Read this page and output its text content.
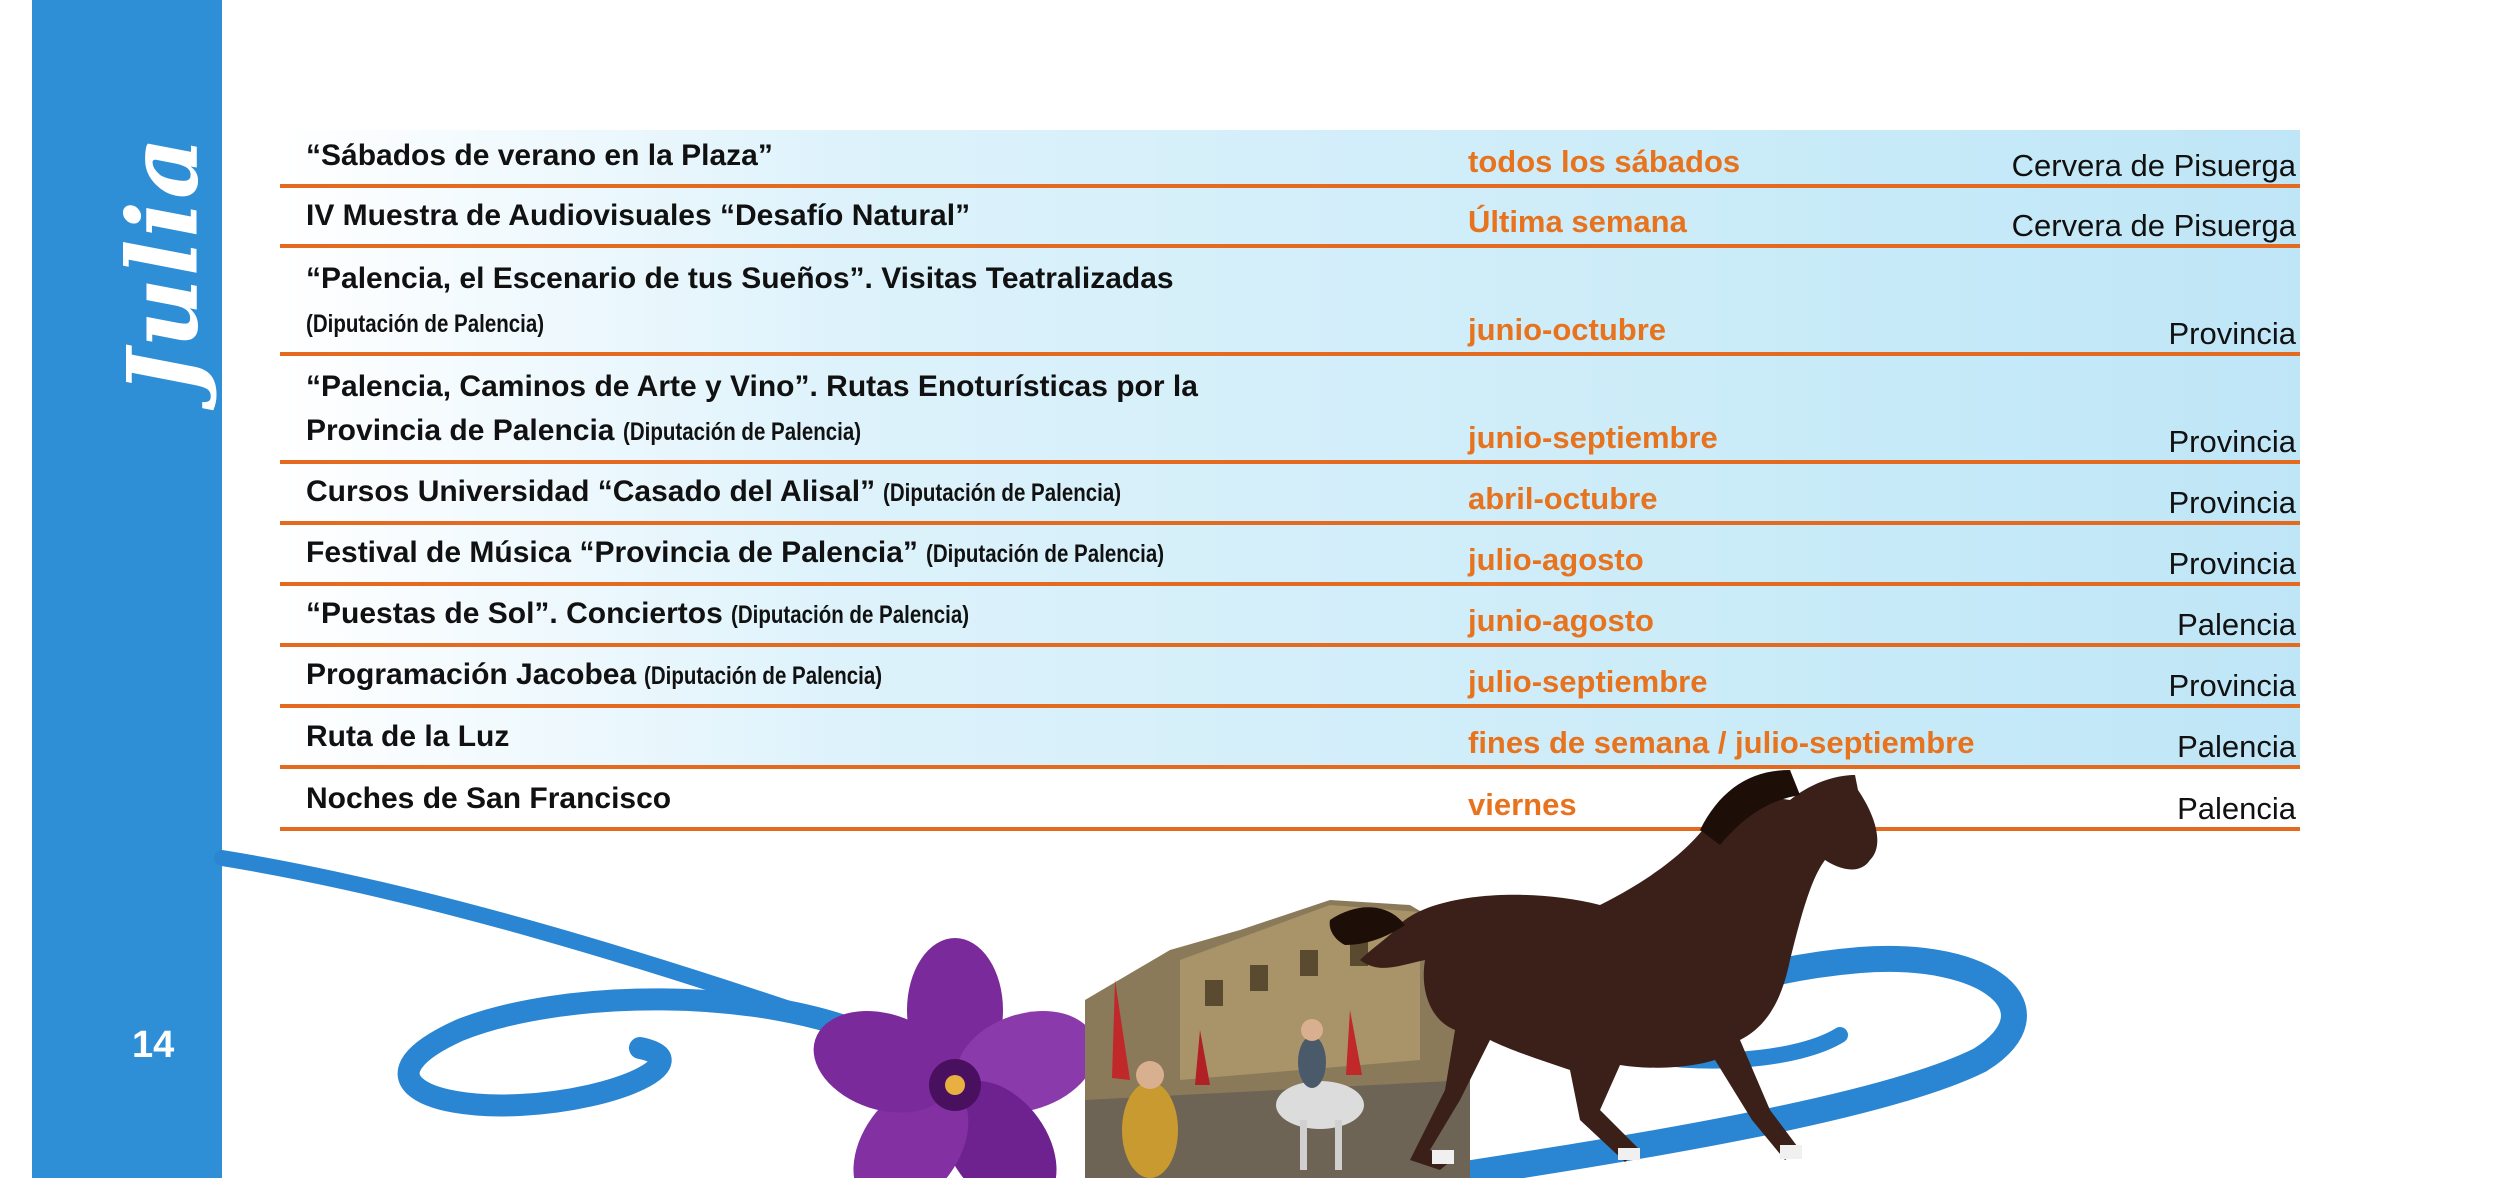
Julia
14
“Sábados de verano en la Plaza”	todos los sábados	Cervera de Pisuerga
IV Muestra de Audiovisuales “Desafío Natural”	Última semana	Cervera de Pisuerga
“Palencia, el Escenario de tus Sueños”. Visitas Teatralizadas (Diputación de Palencia)	junio-octubre	Provincia
“Palencia, Caminos de Arte y Vino”. Rutas Enoturísticas por la Provincia de Palencia (Diputación de Palencia)	junio-septiembre	Provincia
Cursos Universidad “Casado del Alisal” (Diputación de Palencia)	abril-octubre	Provincia
Festival de Música “Provincia de Palencia” (Diputación de Palencia)	julio-agosto	Provincia
“Puestas de Sol”. Conciertos (Diputación de Palencia)	junio-agosto	Palencia
Programación Jacobea (Diputación de Palencia)	julio-septiembre	Provincia
Ruta de la Luz	fines de semana / julio-septiembre	Palencia
Noches de San Francisco	viernes	Palencia
